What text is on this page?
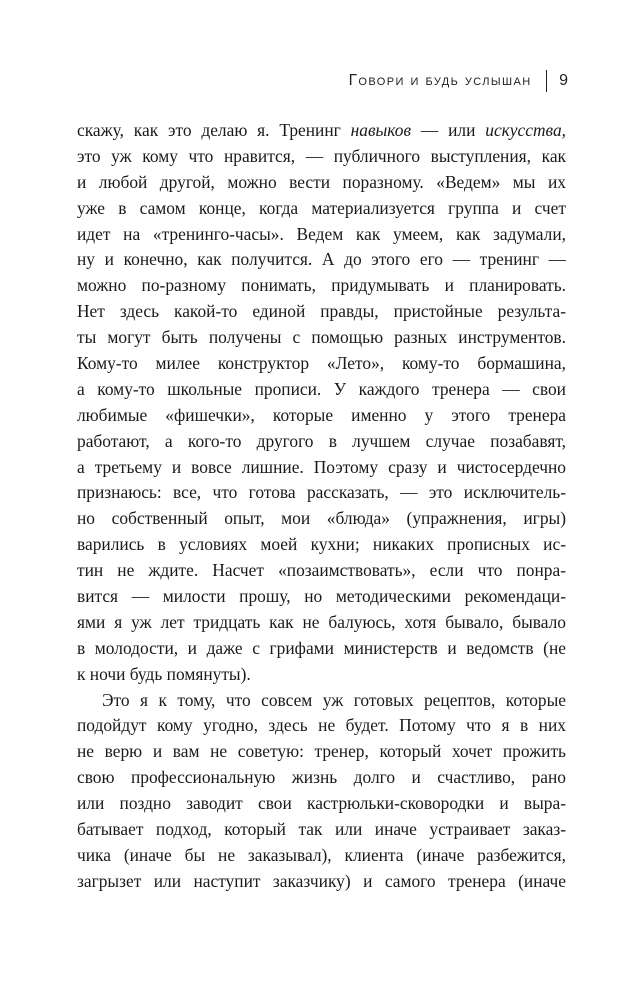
Говори и будь услышан 9
скажу, как это делаю я. Тренинг навыков — или искусства,
это уж кому что нравится, — публичного выступления, как
и любой другой, можно вести поразному. «Ведем» мы их
уже в самом конце, когда материализуется группа и счет
идет на «тренинго-часы». Ведем как умеем, как задумали,
ну и конечно, как получится. А до этого его — тренинг —
можно по-разному понимать, придумывать и планировать.
Нет здесь какой-то единой правды, пристойные результа-
ты могут быть получены с помощью разных инструментов.
Кому-то милее конструктор «Лето», кому-то бормашина,
а кому-то школьные прописи. У каждого тренера — свои
любимые «фишечки», которые именно у этого тренера
работают, а кого-то другого в лучшем случае позабавят,
а третьему и вовсе лишние. Поэтому сразу и чистосердечно
признаюсь: все, что готова рассказать, — это исключитель-
но собственный опыт, мои «блюда» (упражнения, игры)
варились в условиях моей кухни; никаких прописных ис-
тин не ждите. Насчет «позаимствовать», если что понра-
вится — милости прошу, но методическими рекомендаци-
ями я уж лет тридцать как не балуюсь, хотя бывало, бывало
в молодости, и даже с грифами министерств и ведомств (не
к ночи будь помянуты).
Это я к тому, что совсем уж готовых рецептов, которые
подойдут кому угодно, здесь не будет. Потому что я в них
не верю и вам не советую: тренер, который хочет прожить
свою профессиональную жизнь долго и счастливо, рано
или поздно заводит свои кастрюльки-сковородки и выра-
батывает подход, который так или иначе устраивает заказ-
чика (иначе бы не заказывал), клиента (иначе разбежится,
загрызет или наступит заказчику) и самого тренера (иначе
